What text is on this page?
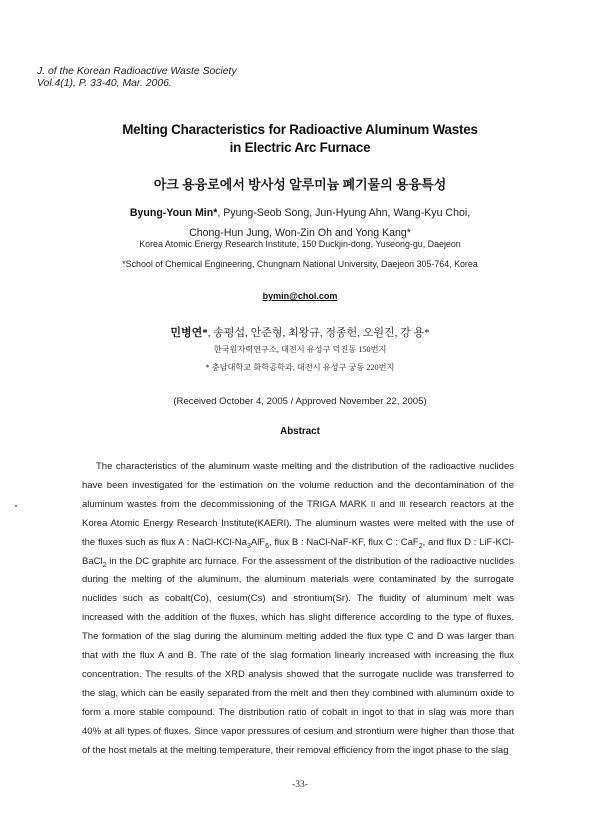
J. of the Korean Radioactive Waste Society
Vol.4(1), P. 33-40, Mar. 2006.
Melting Characteristics for Radioactive Aluminum Wastes
in Electric Arc Furnace
아크 용융로에서 방사성 알루미늄 폐기물의 용융특성
Byung-Youn Min*, Pyung-Seob Song, Jun-Hyung Ahn, Wang-Kyu Choi,
Chong-Hun Jung, Won-Zin Oh and Yong Kang*
Korea Atomic Energy Research Institute, 150 Duckjin-dong, Yuseong-gu, Daejeon
*School of Chemical Engineering, Chungnam National University, Daejeon 305-764, Korea
bymin@chol.com
민병연*, 송평섭, 안준형, 최왕규, 정종헌, 오원진, 강 용*
한국원자력연구소, 대전시 유성구 덕진동 150번지
* 충남대학교 화학공학과, 대전시 유성구 궁동 220번지
(Received October 4, 2005 / Approved November 22, 2005)
Abstract

The characteristics of the aluminum waste melting and the distribution of the radioactive nuclides have been investigated for the estimation on the volume reduction and the decontamination of the aluminum wastes from the decommissioning of the TRIGA MARK II and III research reactors at the Korea Atomic Energy Research Institute(KAERI). The aluminum wastes were melted with the use of the fluxes such as flux A : NaCl-$KCl-Na_3AlF_6$, flux B : NaCl-NaF-KF, flux C : CaF$_2$, and flux D : LiF-KCl-BaCl$_2$ in the DC graphite arc furnace. For the assessment of the distribution of the radioactive nuclides during the melting of the aluminum, the aluminum materials were contaminated by the surrogate nuclides such as cobalt(Co), cesium(Cs) and strontium(Sr). The fluidity of aluminum melt was increased with the addition of the fluxes, which has slight difference according to the type of fluxes. The formation of the slag during the aluminum melting added the flux type C and D was larger than that with the flux A and B. The rate of the slag formation linearly increased with increasing the flux concentration. The results of the XRD analysis showed that the surrogate nuclide was transferred to the slag, which can be easily separated from the melt and then they combined with aluminum oxide to form a more stable compound. The distribution ratio of cobalt in ingot to that in slag was more than 40% at all types of fluxes. Since vapor pressures of cesium and strontium were higher than those that of the host metals at the melting temperature, their removal efficiency from the ingot phase to the slag

-33-
